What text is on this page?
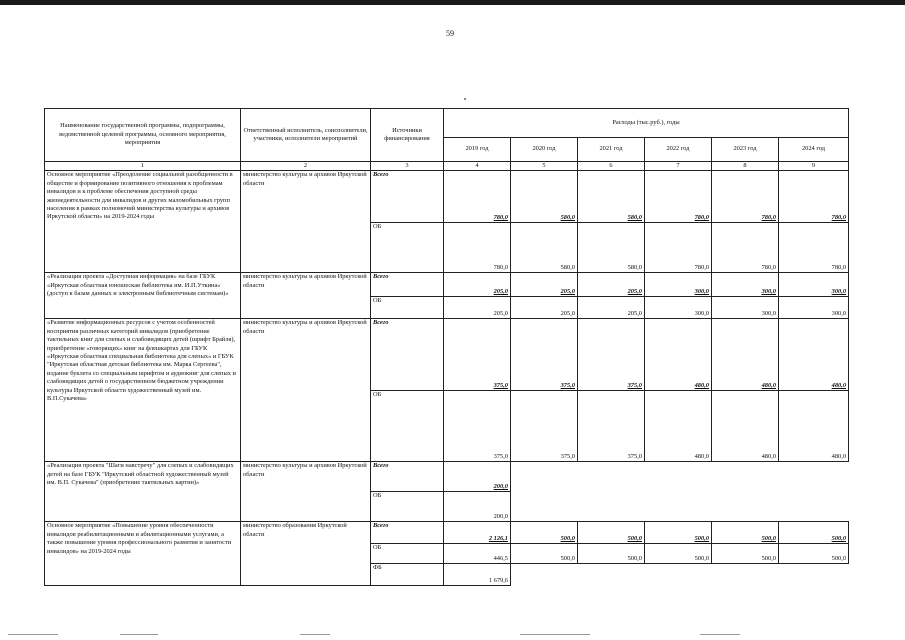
59
Наименование государственной программы, подпрограммы, ведомственной целевой программы, основного мероприятия, мероприятия	Ответственный исполнитель, соисполнители, участники, исполнители мероприятий	Источники финансирования	Расходы (тыс.руб.), годы					
			2019 год	2020 год	2021 год	2022 год	2023 год	2024 год
1	2	3	4	5	6	7	8	9
Основное мероприятие «Преодоление социальной разобщенности в обществе и формирование позитивного отношения к проблемам инвалидов и к проблеме обеспечения доступной среды жизнедеятельности для инвалидов и других маломобильных групп населения в рамках полномочий министерства культуры и архивов Иркутской области» на 2019-2024 годы	министерство культуры и архивов Иркутской области	Всего	780,0	580,0	580,0	780,0	780,0	780,0
		ОБ	780,0	580,0	580,0	780,0	780,0	780,0
«Реализация проекта «Доступная информация» на базе ГБУК «Иркутская областная юношеская библиотека им. И.П.Уткина» (доступ к базам данных и электронным библиотечным системам)»	министерство культуры и архивов Иркутской области	Всего	205,0	205,0	205,0	300,0	300,0	300,0
		ОБ	205,0	205,0	205,0	300,0	300,0	300,0
«Развитие информационных ресурсов с учетом особенностей восприятия различных категорий инвалидов (приобретение тактильных книг для слепых и слабовидящих детей (шрифт Брайля), приобретение «говорящих» книг на флешкартах для ГБУК «Иркутская областная специальная библиотека для слепых» и ГБУК "Иркутская областная детская библиотека им. Марка Сергеева", издание буклета со специальным шрифтом и аудиокниг для слепых и слабовидящих детей о государственном бюджетном учреждении культуры Иркутской области художественный музей им. В.П.Сукачева»	министерство культуры и архивов Иркутской области	Всего	375,0	375,0	375,0	480,0	480,0	480,0
		ОБ	375,0	375,0	375,0	480,0	480,0	480,0
«Реализация проекта "Шаги навстречу" для слепых и слабовидящих детей на базе ГБУК "Иркутский областной художественный музей им. В.П. Сукачева" (приобретение тактильных картин)»	министерство культуры и архивов Иркутской области	Всего	200,0					
		ОБ	200,0					
Основное мероприятие «Повышение уровня обеспеченности инвалидов реабилитационными и абилитационными услугами, а также повышение уровня профессионального развития и занятости инвалидов» на 2019-2024 годы	министерство образования Иркутской области	Всего	2 126,1	500,0	500,0	500,0	500,0	500,0
		ОБ	446,5	500,0	500,0	500,0	500,0	500,0
		ФБ	1 679,6					
